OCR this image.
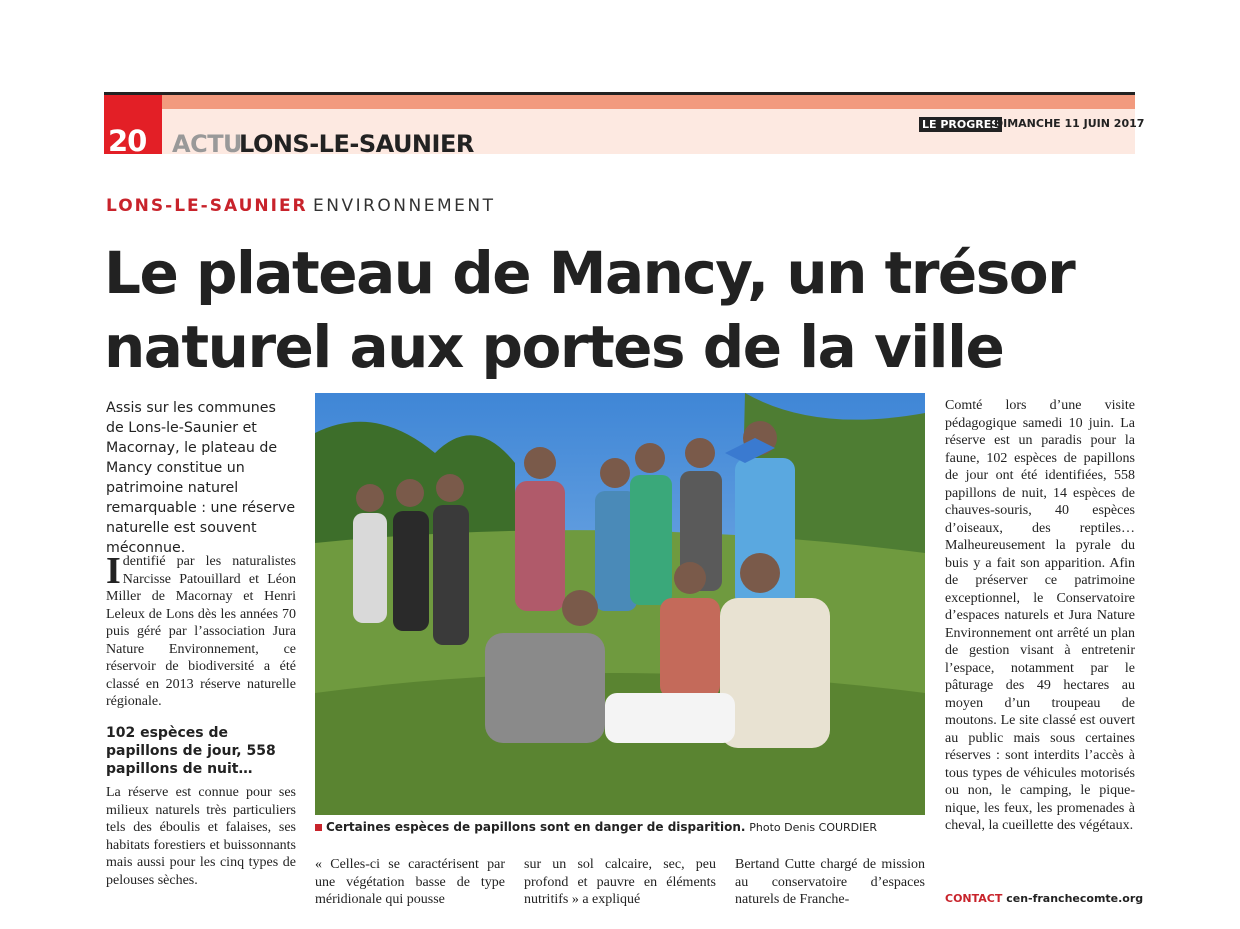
20 ACTU
LONS-LE-SAUNIER
LE PROGRES
DIMANCHE 11 JUIN 2017
LONS-LE-SAUNIER ENVIRONNEMENT
Le plateau de Mancy, un trésor
naturel aux portes de la ville

Assis sur les communes de Lons-le-Saunier et Macornay, le plateau de Mancy constitue un patrimoine naturel remarquable : une réserve naturelle est souvent méconnue.

Identifié par les naturalistes Narcisse Patouillard et Léon Miller de Macornay et Henri Leleux de Lons dès les années 70 puis géré par l’association Jura Nature Environnement, ce réservoir de biodiversité a été classé en 2013 réserve naturelle régionale.

102 espèces de papillons de jour, 558 papillons de nuit…

La réserve est connue pour ses milieux naturels très particuliers tels des éboulis et falaises, ses habitats forestiers et buissonnants mais aussi pour les cinq types de pelouses sèches.

Certaines espèces de papillons sont en danger de disparition. Photo Denis COURDIER

« Celles-ci se caractérisent par une végétation basse de type méridionale qui pousse

sur un sol calcaire, sec, peu profond et pauvre en éléments nutritifs » a expliqué

Bertand Cutte chargé de mission au conservatoire d’espaces naturels de Franche-

Comté lors d’une visite pédagogique samedi 10 juin. La réserve est un paradis pour la faune, 102 espèces de papillons de jour ont été identifiées, 558 papillons de nuit, 14 espèces de chauves-souris, 40 espèces d’oiseaux, des reptiles… Malheureusement la pyrale du buis y a fait son apparition. Afin de préserver ce patrimoine exceptionnel, le Conservatoire d’espaces naturels et Jura Nature Environnement ont arrêté un plan de gestion visant à entretenir l’espace, notamment par le pâturage des 49 hectares au moyen d’un troupeau de moutons. Le site classé est ouvert au public mais sous certaines réserves : sont interdits l’accès à tous types de véhicules motorisés ou non, le camping, le pique-nique, les feux, les promenades à cheval, la cueillette des végétaux.

CONTACT cen-franchecomte.org
